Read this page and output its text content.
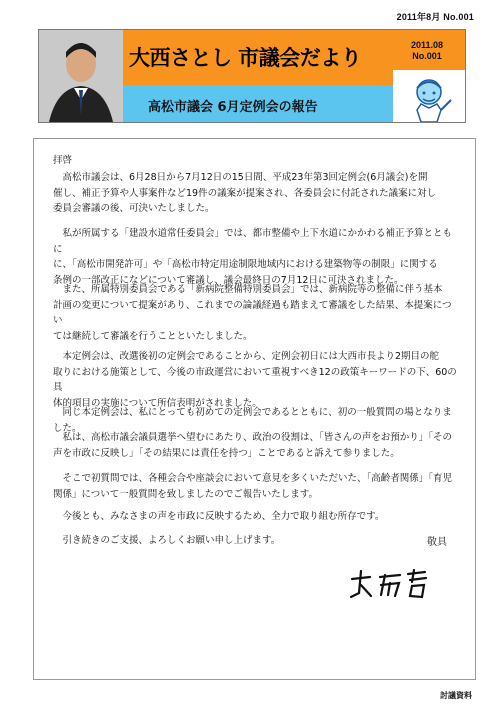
2011年8月 No.001
大西さとし 市議会だより
高松市議会 6月定例会の報告
2011.08
No.001
拝啓
　高松市議会は、6月28日から7月12日の15日間、平成23年第3回定例会(6月議会)を開
催し、補正予算や人事案件など19件の議案が提案され、各委員会に付託された議案に対し
委員会審議の後、可決いたしました。
　私が所属する「建設水道常任委員会」では、都市整備や上下水道にかかわる補正予算とともに
に、「高松市開発許可」や「高松市特定用途制限地域内における建築物等の制限」に関する
条例の一部改正になどについて審議し、議会最終日の7月12日に可決されました。
　また、所属特別委員会である「新病院整備特別委員会」では、新病院等の整備に伴う基本
計画の変更について提案があり、これまでの論議経過も踏まえて審議をした結果、本提案につい
ては継続して審議を行うことといたしました。
　本定例会は、改選後初の定例会であることから、定例会初日には大西市長より2期目の舵
取りにおける施策として、今後の市政運営において重視すべき12の政策キーワードの下、60の具
体的項目の実施について所信表明がされました。
　同じ本定例会は、私にとっても初めての定例会であるとともに、初の一般質問の場となりました。
　私は、高松市議会議員選挙へ望むにあたり、政治の役割は、「皆さんの声をお預かり」「その
声を市政に反映し」「その結果には責任を持つ」ことであると訴えて参りました。
　そこで初質問では、各種会合や座談会において意見を多くいただいた、「高齢者関係」「育児
関係」について一般質問を致しましたのでご報告いたします。
　今後とも、みなさまの声を市政に反映するため、全力で取り組む所存です。
　引き続きのご支援、よろしくお願い申し上げます。	敬具
討議資料
